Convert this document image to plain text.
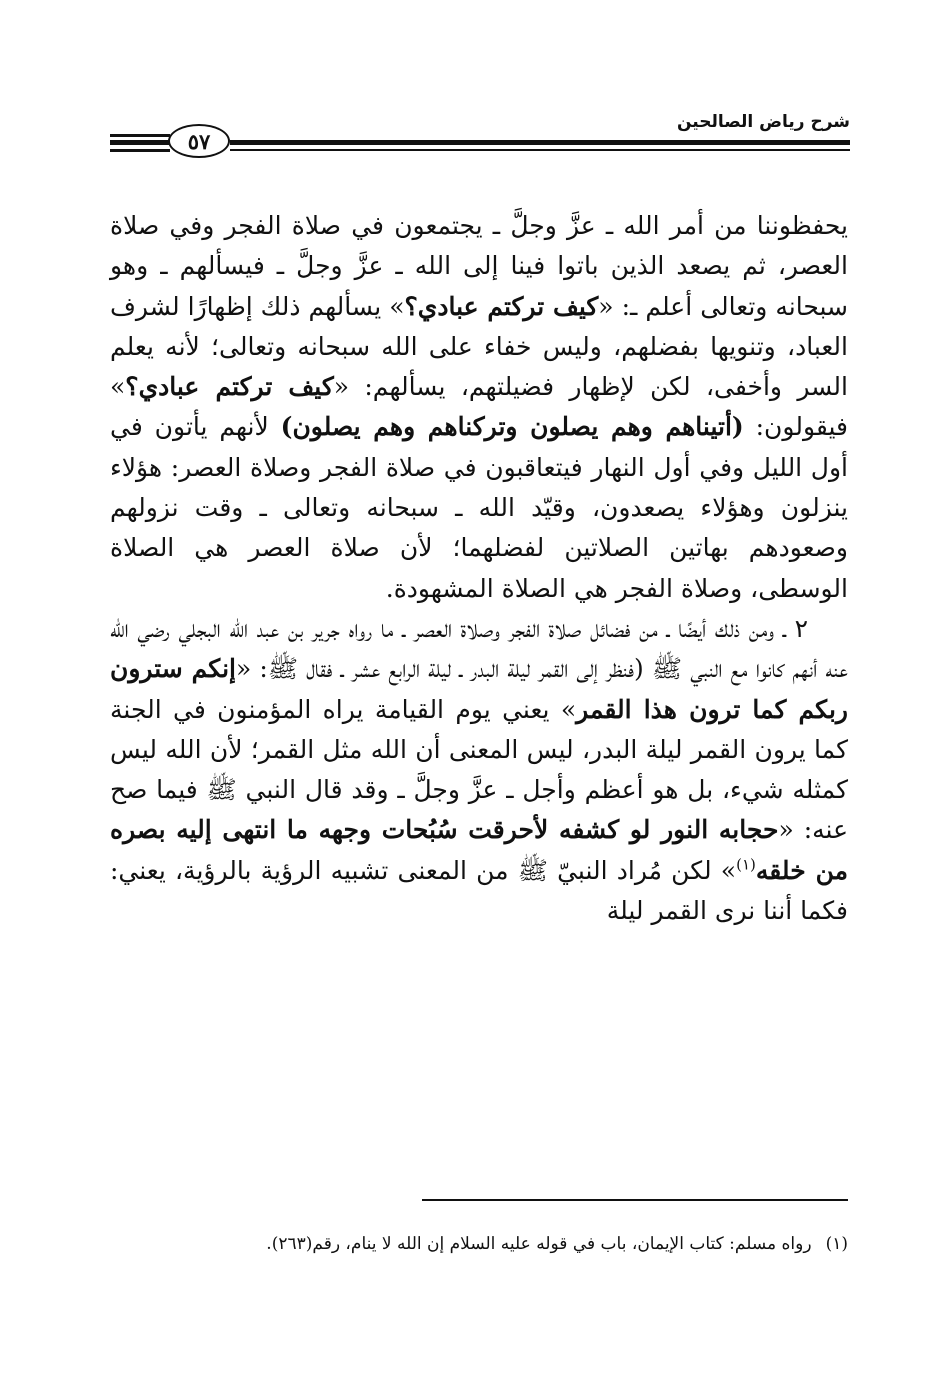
شرح رياض الصالحين
٥٧

يحفظوننا من أمر الله ـ عزَّ وجلَّ ـ يجتمعون في صلاة الفجر وفي صلاة العصر، ثم يصعد الذين باتوا فينا إلى الله ـ عزَّ وجلَّ ـ فيسألهم ـ وهو سبحانه وتعالى أعلم ـ: «كيف تركتم عبادي؟» يسألهم ذلك إظهارًا لشرف العباد، وتنويها بفضلهم، وليس خفاء على الله سبحانه وتعالى؛ لأنه يعلم السر وأخفى، لكن لإظهار فضيلتهم، يسألهم: «كيف تركتم عبادي؟» فيقولون: (أتيناهم وهم يصلون وتركناهم وهم يصلون) لأنهم يأتون في أول الليل وفي أول النهار فيتعاقبون في صلاة الفجر وصلاة العصر: هؤلاء ينزلون وهؤلاء يصعدون، وقيّد الله ـ سبحانه وتعالى ـ وقت نزولهم وصعودهم بهاتين الصلاتين لفضلهما؛ لأن صلاة العصر هي الصلاة الوسطى، وصلاة الفجر هي الصلاة المشهودة.

٢ ـ ومن ذلك أيضًا ـ من فضائل صلاة الفجر وصلاة العصر ـ ما رواه جرير بن عبد الله البجلي رضي الله عنه أنهم كانوا مع النبي ﷺ (فنظر إلى القمر ليلة البدر ـ ليلة الرابع عشر ـ فقال ﷺ: «إنكم سترون ربكم كما ترون هذا القمر» يعني يوم القيامة يراه المؤمنون في الجنة كما يرون القمر ليلة البدر، ليس المعنى أن الله مثل القمر؛ لأن الله ليس كمثله شيء، بل هو أعظم وأجل ـ عزَّ وجلَّ ـ وقد قال النبي ﷺ فيما صح عنه: «حجابه النور لو كشفه لأحرقت سُبُحات وجهه ما انتهى إليه بصره من خلقه$^{(١)}$» لكن مُراد النبيّ ﷺ من المعنى تشبيه الرؤية بالرؤية، يعني: فكما أننا نرى القمر ليلة

(١)رواه مسلم: كتاب الإيمان، باب في قوله عليه السلام إن الله لا ينام، رقم(٢٦٣).
